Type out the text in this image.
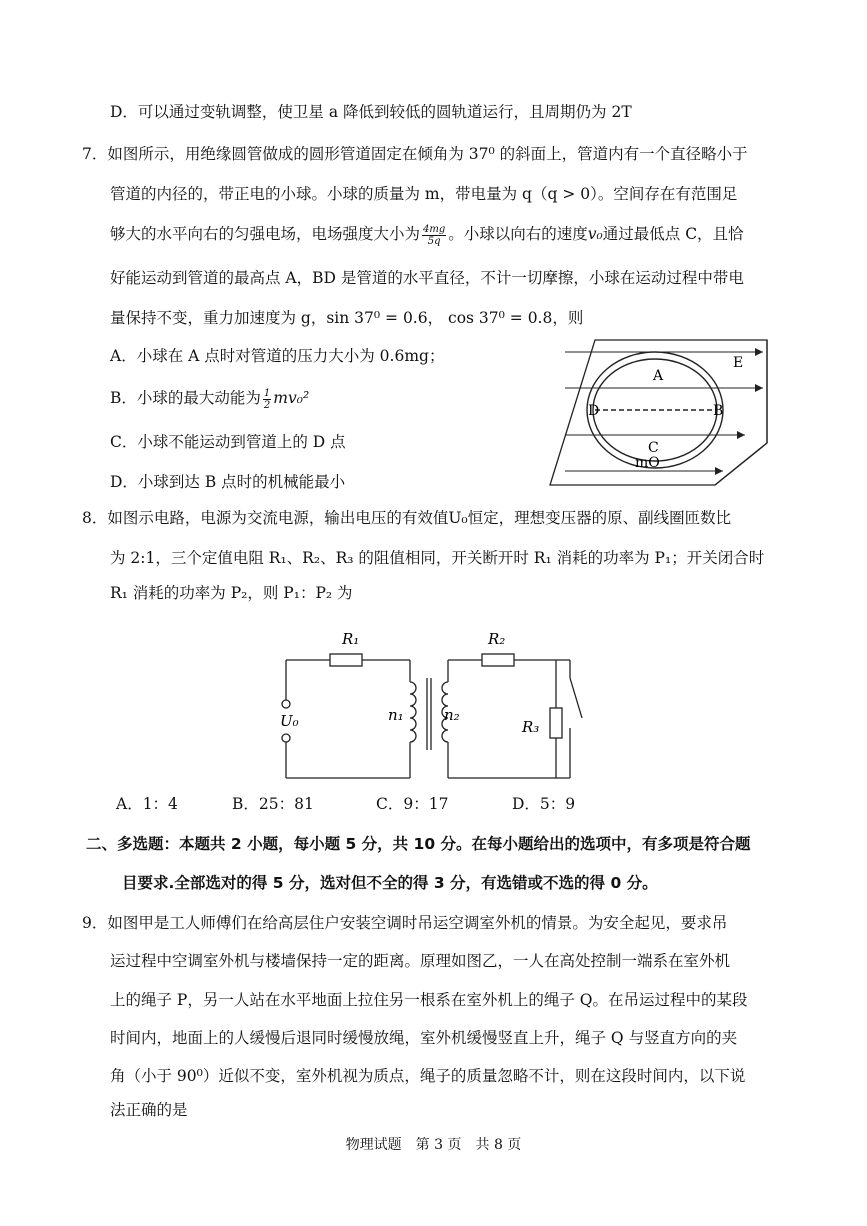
D．可以通过变轨调整，使卫星 a 降低到较低的圆轨道运行，且周期仍为 2T
7．如图所示，用绝缘圆管做成的圆形管道固定在倾角为 37⁰ 的斜面上，管道内有一个直径略小于
管道的内径的，带正电的小球。小球的质量为 m，带电量为 q（q > 0）。空间存在有范围足
够大的水平向右的匀强电场，电场强度大小为 $\frac{4mg}{5q}$ 。小球以向右的速度v₀通过最低点 C，且恰
好能运动到管道的最高点 A，BD 是管道的水平直径，不计一切摩擦，小球在运动过程中带电
量保持不变，重力加速度为 g，sin 37⁰ = 0.6， cos 37⁰ = 0.8，则
A．小球在 A 点时对管道的压力大小为 0.6mg；
B．小球的最大动能为 $\frac{1}{2} mv_0^2$
C．小球不能运动到管道上的 D 点
D．小球到达 B 点时的机械能最小
E
A
D	B
C
mO
8．如图示电路，电源为交流电源，输出电压的有效值U₀恒定，理想变压器的原、副线圈匝数比
为 2:1，三个定值电阻 R₁、R₂、R₃ 的阻值相同，开关断开时 R₁ 消耗的功率为 P₁；开关闭合时
R₁ 消耗的功率为 P₂，则 P₁：P₂ 为
R₁	R₂
R₃
U₀	n₁	n₂
A．1：4	B．25：81	C．9：17	D．5：9
二、多选题：本题共 2 小题，每小题 5 分，共 10 分。在每小题给出的选项中，有多项是符合题
目要求.全部选对的得 5 分，选对但不全的得 3 分，有选错或不选的得 0 分。
9．如图甲是工人师傅们在给高层住户安装空调时吊运空调室外机的情景。为安全起见，要求吊
运过程中空调室外机与楼墙保持一定的距离。原理如图乙，一人在高处控制一端系在室外机
上的绳子 P，另一人站在水平地面上拉住另一根系在室外机上的绳子 Q。在吊运过程中的某段
时间内，地面上的人缓慢后退同时缓慢放绳，室外机缓慢竖直上升，绳子 Q 与竖直方向的夹
角（小于 90⁰）近似不变，室外机视为质点，绳子的质量忽略不计，则在这段时间内，以下说
法正确的是
物理试题　第 3 页　共 8 页
